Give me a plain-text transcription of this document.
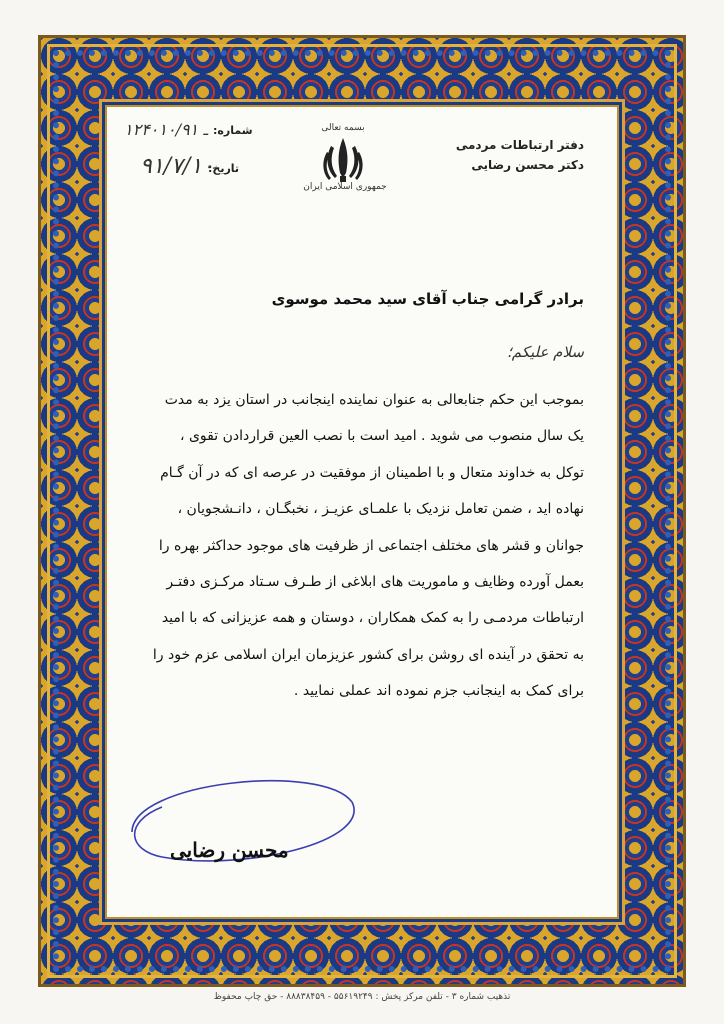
دفتر ارتباطات مردمی
دکتر محسن رضایی
بسمه تعالی
جمهوری اسلامی ایران
شماره:
۱۲ـ ۴۰۱۰/۹۱
تاریخ:
۹۱/۷/۱۰
برادر گرامی جناب آقای سید محمد موسوی
سلام علیکم؛

بموجب این حکم جنابعالی به عنوان نماینده اینجانب در استان یزد به مدت

یک سال منصوب می شوید . امید است با نصب العین قراردادن تقوی ،

توکل به خداوند متعال و با اطمینان از موفقیت در عرصه ای که در آن گـام

نهاده اید ، ضمن تعامل نزدیک با علمـای عزیـز ، نخبگـان ، دانـشجویان ،

جوانان و قشر های مختلف اجتماعی از ظرفیت های موجود حداکثر بهره را

بعمل آورده وظایف و ماموریت های ابلاغی از طـرف سـتاد مرکـزی دفتـر

ارتباطات مردمـی را به کمک همکاران ، دوستان و همه عزیزانی که با امید

به تحقق در آینده ای روشن برای کشور عزیزمان ایران اسلامی عزم خود را

برای کمک به اینجانب جزم نموده اند عملی نمایید .

محسن رضایی
تذهیب شماره ۳ - تلفن مرکز پخش : ۵۵۶۱۹۲۴۹ - ۸۸۸۳۸۴۵۹ - حق چاپ محفوظ
